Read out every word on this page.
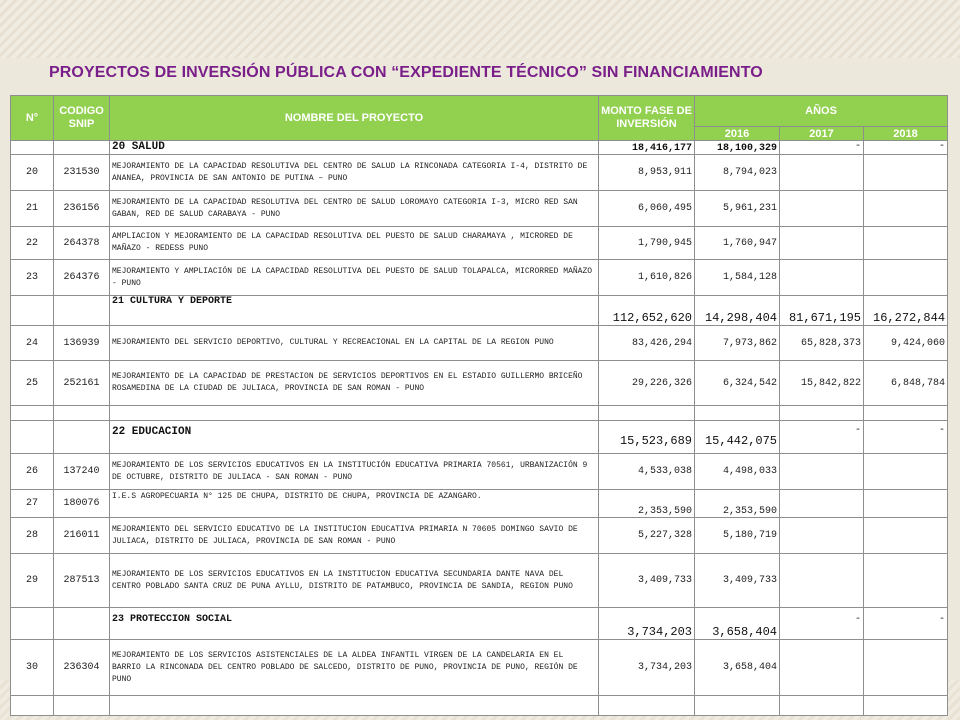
PROYECTOS DE INVERSIÓN PÚBLICA CON “EXPEDIENTE TÉCNICO” SIN FINANCIAMIENTO
N°	CODIGO SNIP	NOMBRE DEL PROYECTO	MONTO FASE DE INVERSIÓN	AÑOS		
				2016	2017	2018
		20 SALUD	18,416,177	18,100,329	-	-
20	231530	MEJORAMIENTO DE LA CAPACIDAD RESOLUTIVA DEL CENTRO DE SALUD LA RINCONADA CATEGORIA I-4, DISTRITO DE ANANEA, PROVINCIA DE SAN ANTONIO DE PUTINA – PUNO	8,953,911	8,794,023		
21	236156	MEJORAMIENTO DE LA CAPACIDAD RESOLUTIVA DEL CENTRO DE SALUD LOROMAYO CATEGORIA I-3, MICRO RED SAN GABAN, RED DE SALUD CARABAYA - PUNO	6,060,495	5,961,231		
22	264378	AMPLIACION Y MEJORAMIENTO DE LA CAPACIDAD RESOLUTIVA DEL PUESTO DE SALUD CHARAMAYA , MICRORED DE MAÑAZO - REDESS PUNO	1,790,945	1,760,947		
23	264376	MEJORAMIENTO Y AMPLIACIÓN DE LA CAPACIDAD RESOLUTIVA DEL PUESTO DE SALUD TOLAPALCA, MICRORRED MAÑAZO - PUNO	1,610,826	1,584,128		
		21 CULTURA Y DEPORTE	112,652,620	14,298,404	81,671,195	16,272,844
24	136939	MEJORAMIENTO DEL SERVICIO DEPORTIVO, CULTURAL Y RECREACIONAL EN LA CAPITAL DE LA REGION PUNO	83,426,294	7,973,862	65,828,373	9,424,060
25	252161	MEJORAMIENTO DE LA CAPACIDAD DE PRESTACION DE SERVICIOS DEPORTIVOS EN EL ESTADIO GUILLERMO BRICEÑO ROSAMEDINA DE LA CIUDAD DE JULIACA, PROVINCIA DE SAN ROMAN - PUNO	29,226,326	6,324,542	15,842,822	6,848,784

		22 EDUCACION	15,523,689	15,442,075	-	-
26	137240	MEJORAMIENTO DE LOS SERVICIOS EDUCATIVOS EN LA INSTITUCIÓN EDUCATIVA PRIMARIA 70561, URBANIZACIÓN 9 DE OCTUBRE, DISTRITO DE JULIACA - SAN ROMAN - PUNO	4,533,038	4,498,033		
27	180076	I.E.S AGROPECUARIA N° 125 DE CHUPA, DISTRITO DE CHUPA, PROVINCIA DE AZANGARO.	2,353,590	2,353,590		
28	216011	MEJORAMIENTO DEL SERVICIO EDUCATIVO DE LA INSTITUCION EDUCATIVA PRIMARIA N 70605 DOMINGO SAVIO DE JULIACA, DISTRITO DE JULIACA, PROVINCIA DE SAN ROMAN - PUNO	5,227,328	5,180,719		
29	287513	MEJORAMIENTO DE LOS SERVICIOS EDUCATIVOS EN LA INSTITUCION EDUCATIVA SECUNDARIA DANTE NAVA DEL CENTRO POBLADO SANTA CRUZ DE PUNA AYLLU, DISTRITO DE PATAMBUCO, PROVINCIA DE SANDIA, REGION PUNO	3,409,733	3,409,733		
		23 PROTECCION SOCIAL	3,734,203	3,658,404	-	-
30	236304	MEJORAMIENTO DE LOS SERVICIOS ASISTENCIALES DE LA ALDEA INFANTIL VIRGEN DE LA CANDELARIA EN EL BARRIO LA RINCONADA DEL CENTRO POBLADO DE SALCEDO, DISTRITO DE PUNO, PROVINCIA DE PUNO, REGIÓN DE PUNO	3,734,203	3,658,404		
